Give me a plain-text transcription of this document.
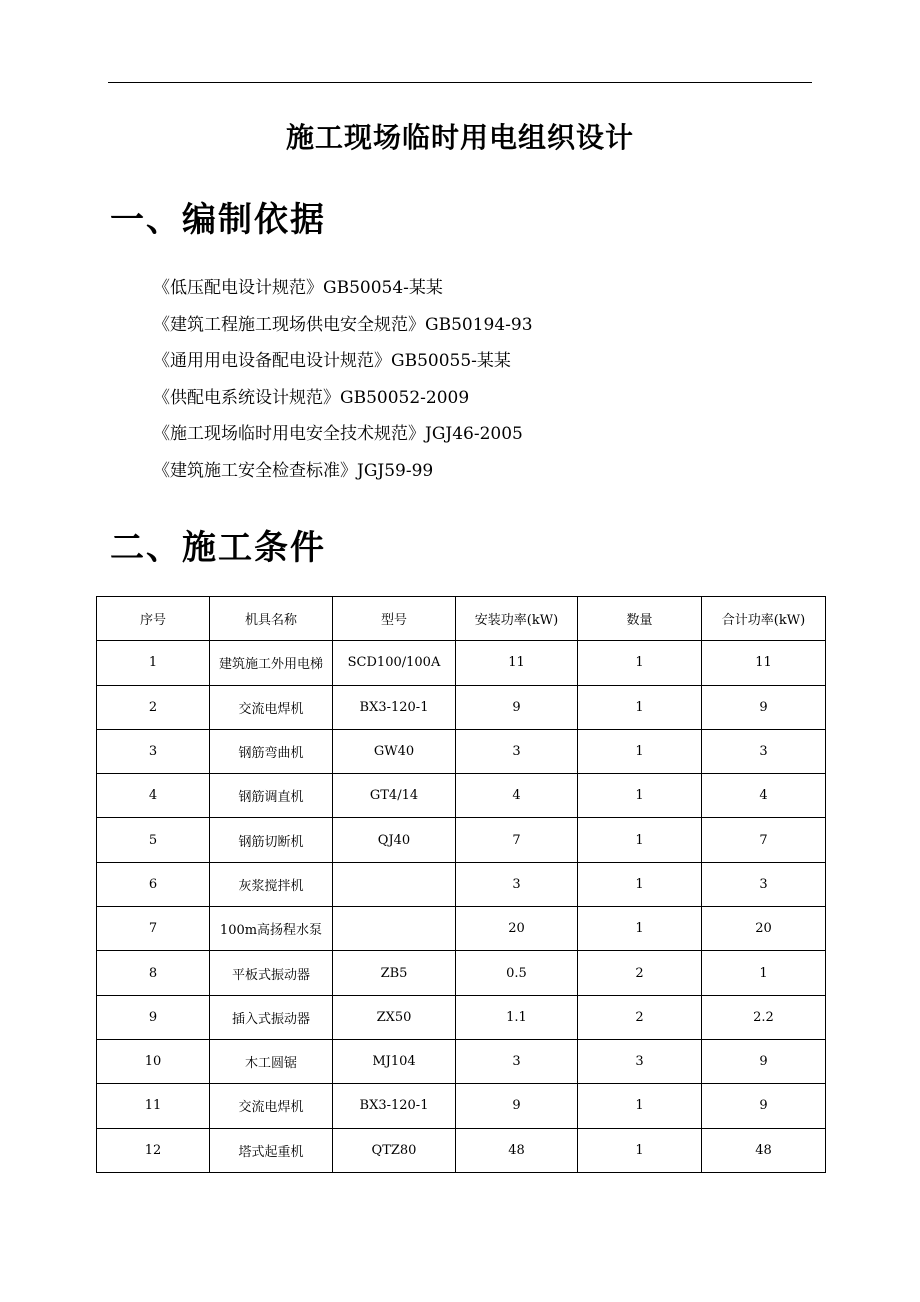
施工现场临时用电组织设计
一、编制依据
《低压配电设计规范》GB50054-某某
《建筑工程施工现场供电安全规范》GB50194-93
《通用用电设备配电设计规范》GB50055-某某
《供配电系统设计规范》GB50052-2009
《施工现场临时用电安全技术规范》JGJ46-2005
《建筑施工安全检查标准》JGJ59-99
二、施工条件
序号	机具名称	型号	安装功率(kW)	数量	合计功率(kW)
1	建筑施工外用电梯	SCD100/100A	11	1	11
2	交流电焊机	BX3-120-1	9	1	9
3	钢筋弯曲机	GW40	3	1	3
4	钢筋调直机	GT4/14	4	1	4
5	钢筋切断机	QJ40	7	1	7
6	灰浆搅拌机		3	1	3
7	100m高扬程水泵		20	1	20
8	平板式振动器	ZB5	0.5	2	1
9	插入式振动器	ZX50	1.1	2	2.2
10	木工圆锯	MJ104	3	3	9
11	交流电焊机	BX3-120-1	9	1	9
12	塔式起重机	QTZ80	48	1	48
